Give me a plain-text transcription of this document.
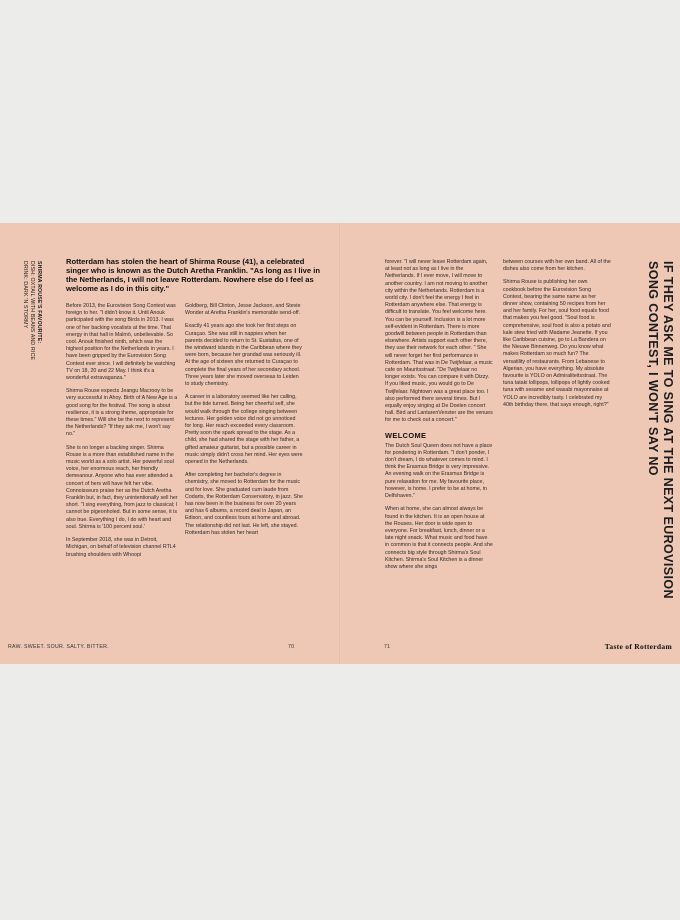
SHIRMA ROUSE'S FAVOURITE:
DISH: OXTAIL WITH BEANS AND RICE
DRINK: DARK 'N STORMY	Rotterdam has stolen the heart of Shirma Rouse (41), a celebrated singer who is known as the Dutch Aretha Franklin. "As long as I live in the Netherlands, I will not leave Rotterdam. Nowhere else do I feel as welcome as I do in this city."

Before 2013, the Eurovision Song Contest was foreign to her. "I didn't know it. Until Anouk participated with the song Birds in 2013. I was one of her backing vocalists at the time. That energy in that hall in Malmö, unbelievable. So cool. Anouk finished ninth, which was the highest position for the Netherlands in years. I have been gripped by the Eurovision Song Contest ever since. I will definitely be watching TV on 18, 20 and 22 May. I think it's a wonderful extravaganza."

Shirma Rouse expects Jeangu Macrooy to be very successful in Ahoy. Birth of A New Age is a good song for the festival. The song is about resilience, it is a strong theme, appropriate for these times." Will she be the next to represent the Netherlands? "If they ask me, I won't say no."

She is no longer a backing singer. Shirma Rouse is a more than established name in the music world as a solo artist. Her powerful soul voice, her enormous reach, her friendly demeanour. Anyone who has ever attended a concert of hers will have felt her vibe. Connoisseurs praise her as the Dutch Aretha Franklin but, in fact, they unintentionally sell her short. "I sing everything, from jazz to classical; I cannot be pigeonholed. But in some sense, it is also true. Everything I do, I do with heart and soul. Shirma is '100 percent soul.'

In September 2018, she was in Detroit, Michigan, on behalf of television channel RTL4 brushing shoulders with Whoopi

Goldberg, Bill Clinton, Jesse Jackson, and Stevie Wonder at Aretha Franklin's memorable send-off.

Exactly 41 years ago she took her first steps on Curaçao. She was still in nappies when her parents decided to return to St. Eustatius, one of the windward islands in the Caribbean where they were born, because her grandad was seriously ill. At the age of sixteen she returned to Curaçao to complete the final years of her secondary school. Three years later she moved overseas to Leiden to study chemistry.

A career in a laboratory seemed like her calling, but the tide turned. Being her cheerful self, she would walk through the college singing between lectures. Her golden voice did not go unnoticed for long. Her reach exceeded every classroom. Pretty soon the spark spread to the stage. As a child, she had shared the stage with her father, a gifted amateur guitarist, but a possible career in music simply didn't cross her mind. Her eyes were opened in the Netherlands.

After completing her bachelor's degree in chemistry, she moved to Rotterdam for the music and for love. She graduated cum laude from Codarts, the Rotterdam Conservatory, in jazz. She has now been in the business for over 20 years and has 6 albums, a record deal in Japan, an Edison, and countless tours at home and abroad. The relationship did not last. He left, she stayed. Rotterdam has stolen her heart

forever. "I will never leave Rotterdam again, at least not as long as I live in the Netherlands. If I ever move, I will move to another country. I am not moving to another city within the Netherlands. Rotterdam is a world city. I don't feel the energy I feel in Rotterdam anywhere else. That energy is difficult to translate. You feel welcome here. You can be yourself. Inclusion is a lot more self-evident in Rotterdam. There is more goodwill between people in Rotterdam than elsewhere. Artists support each other there, they use their network for each other. " She will never forget her first performance in Rotterdam. That was in De Twijfelaar, a music cafe on Mauritsstraat. "De Twijfelaar no longer exists. You can compare it with Dizzy. If you liked music, you would go to De Twijfelaar. Nightown was a great place too. I also performed there several times. But I equally enjoy singing at De Doelen concert hall. Bird and LantarenVenster are the venues for me to check out a concert."

WELCOME

The Dutch Soul Queen does not have a place for pondering in Rotterdam. "I don't ponder, I don't dream, I do whatever comes to mind. I think the Erasmus Bridge is very impressive. An evening walk on the Erasmus Bridge is pure relaxation for me. My favourite place, however, is home. I prefer to be at home, in Delfshaven."

When at home, she can almost always be found in the kitchen. It is an open house at the Rouses. Her door is wide open to everyone. For breakfast, lunch, dinner or a late night snack. What music and food have in common is that it connects people. And she connects big style through Shirma's Soul Kitchen. Shirma's Soul Kitchen is a dinner show where she sings

between courses with her own band. All of the dishes also come from her kitchen.

Shirma Rouse is publishing her own cookbook before the Eurovision Song Contest, bearing the same name as her dinner show, containing 50 recipes from her and her family. For her, soul food equals food that makes you feel good. "Soul food is comprehensive, soul food is also a potato and kale stew fried with Madame Jeanette. If you like Caribbean cuisine, go to La Bandera on the Nieuwe Binnenweg. Do you know what makes Rotterdam so much fun? The versatility of restaurants. From Lebanese to Algerian, you have everything. My absolute favourite is YOLO on Admiraliteitsstraat. The tuna tataki lollipops, lollipops of lightly cooked tuna with sesame and wasabi mayonnaise at YOLO are incredibly tasty. I celebrated my 40th birthday there, that says enough, right?"	IF THEY ASK ME TO SING AT THE NEXT EUROVISION SONG CONTEST, I WON'T SAY NO
RAW. SWEET. SOUR. SALTY. BITTER.	70	71	Taste of Rotterdam
